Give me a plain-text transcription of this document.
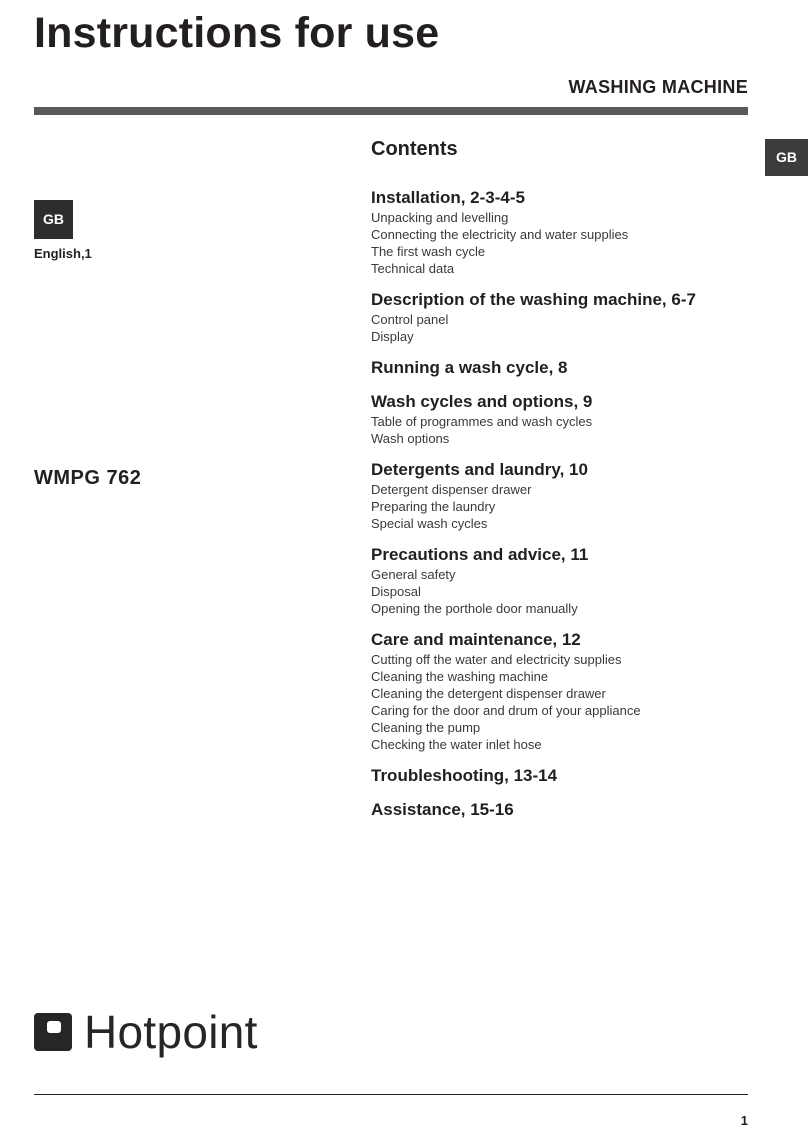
Instructions for use
WASHING MACHINE
GB
GB
English,1
WMPG 762
Contents
Installation, 2-3-4-5
Unpacking and levelling
Connecting the electricity and water supplies
The first wash cycle
Technical data
Description of the washing machine, 6-7
Control panel
Display
Running a wash cycle, 8
Wash cycles and options, 9
Table of programmes and wash cycles
Wash options
Detergents and laundry, 10
Detergent dispenser drawer
Preparing the laundry
Special wash cycles
Precautions and advice, 11
General safety
Disposal
Opening the porthole door manually
Care and maintenance, 12
Cutting off the water and electricity supplies
Cleaning the washing machine
Cleaning the detergent dispenser drawer
Caring for the door and drum of your appliance
Cleaning the pump
Checking the water inlet hose
Troubleshooting, 13-14
Assistance, 15-16
Hotpoint
1
